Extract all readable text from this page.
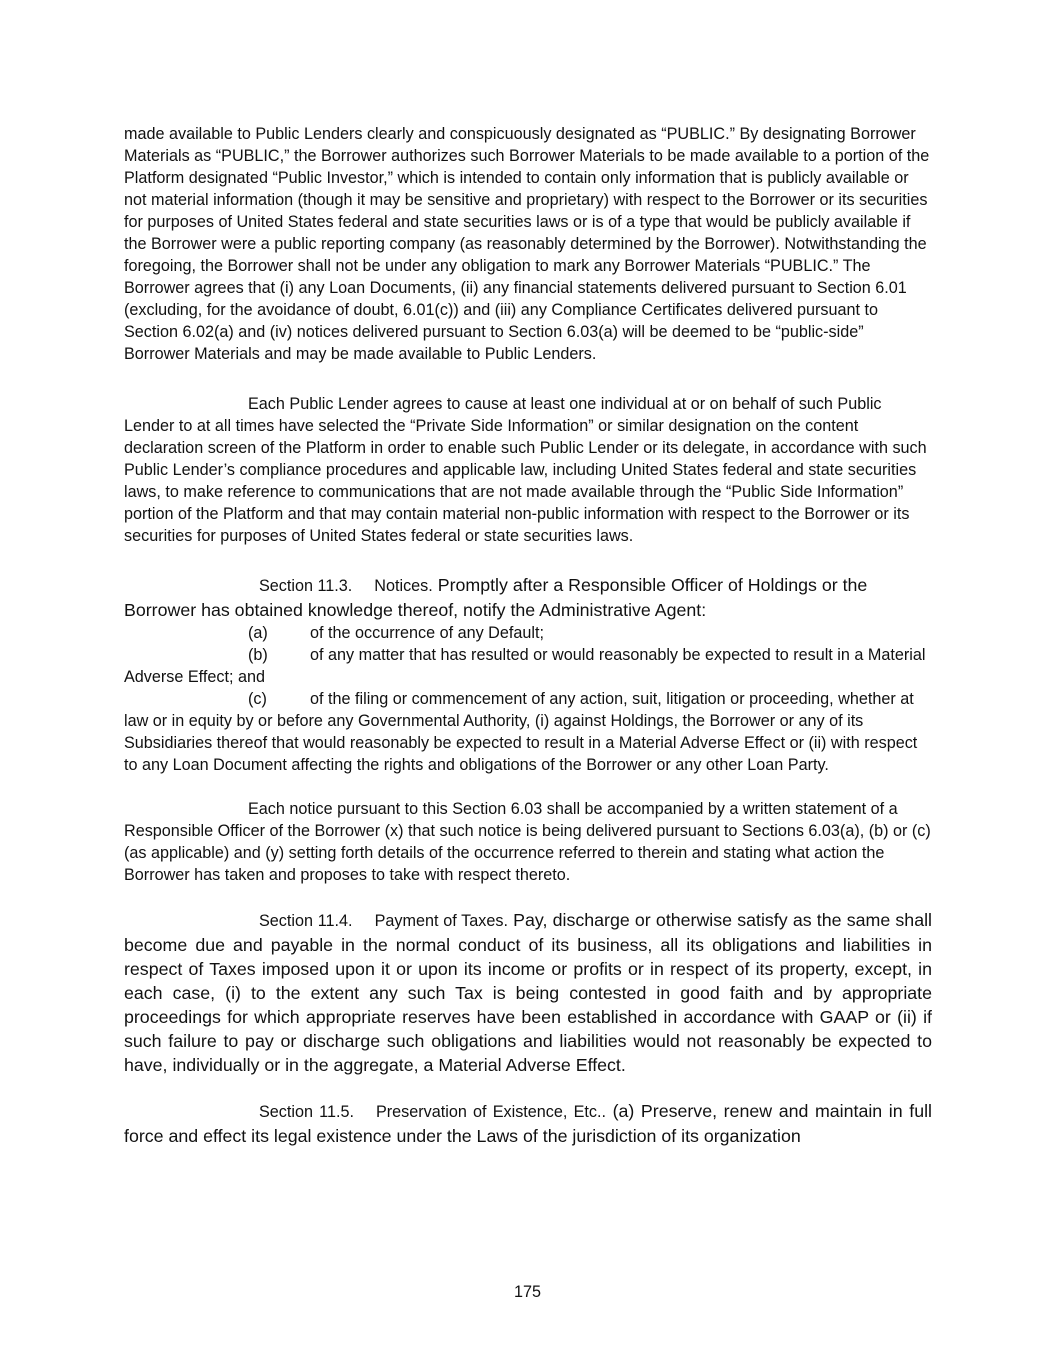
made available to Public Lenders clearly and conspicuously designated as “PUBLIC.” By designating Borrower Materials as “PUBLIC,” the Borrower authorizes such Borrower Materials to be made available to a portion of the Platform designated “Public Investor,” which is intended to contain only information that is publicly available or not material information (though it may be sensitive and proprietary) with respect to the Borrower or its securities for purposes of United States federal and state securities laws or is of a type that would be publicly available if the Borrower were a public reporting company (as reasonably determined by the Borrower). Notwithstanding the foregoing, the Borrower shall not be under any obligation to mark any Borrower Materials “PUBLIC.” The Borrower agrees that (i) any Loan Documents, (ii) any financial statements delivered pursuant to Section 6.01 (excluding, for the avoidance of doubt, 6.01(c)) and (iii) any Compliance Certificates delivered pursuant to Section 6.02(a) and (iv) notices delivered pursuant to Section 6.03(a) will be deemed to be “public-side” Borrower Materials and may be made available to Public Lenders.

Each Public Lender agrees to cause at least one individual at or on behalf of such Public Lender to at all times have selected the “Private Side Information” or similar designation on the content declaration screen of the Platform in order to enable such Public Lender or its delegate, in accordance with such Public Lender’s compliance procedures and applicable law, including United States federal and state securities laws, to make reference to communications that are not made available through the “Public Side Information” portion of the Platform and that may contain material non-public information with respect to the Borrower or its securities for purposes of United States federal or state securities laws.

Section 11.3. Notices. Promptly after a Responsible Officer of Holdings or the Borrower has obtained knowledge thereof, notify the Administrative Agent:

(a)	of the occurrence of any Default;

(b)	of any matter that has resulted or would reasonably be expected to result in a Material Adverse Effect; and

(c)	of the filing or commencement of any action, suit, litigation or proceeding, whether at law or in equity by or before any Governmental Authority, (i) against Holdings, the Borrower or any of its Subsidiaries thereof that would reasonably be expected to result in a Material Adverse Effect or (ii) with respect to any Loan Document affecting the rights and obligations of the Borrower or any other Loan Party.

Each notice pursuant to this Section 6.03 shall be accompanied by a written statement of a Responsible Officer of the Borrower (x) that such notice is being delivered pursuant to Sections 6.03(a), (b) or (c) (as applicable) and (y) setting forth details of the occurrence referred to therein and stating what action the Borrower has taken and proposes to take with respect thereto.

Section 11.4. Payment of Taxes. Pay, discharge or otherwise satisfy as the same shall become due and payable in the normal conduct of its business, all its obligations and liabilities in respect of Taxes imposed upon it or upon its income or profits or in respect of its property, except, in each case, (i) to the extent any such Tax is being contested in good faith and by appropriate proceedings for which appropriate reserves have been established in accordance with GAAP or (ii) if such failure to pay or discharge such obligations and liabilities would not reasonably be expected to have, individually or in the aggregate, a Material Adverse Effect.

Section 11.5. Preservation of Existence, Etc.. (a) Preserve, renew and maintain in full force and effect its legal existence under the Laws of the jurisdiction of its organization

175
